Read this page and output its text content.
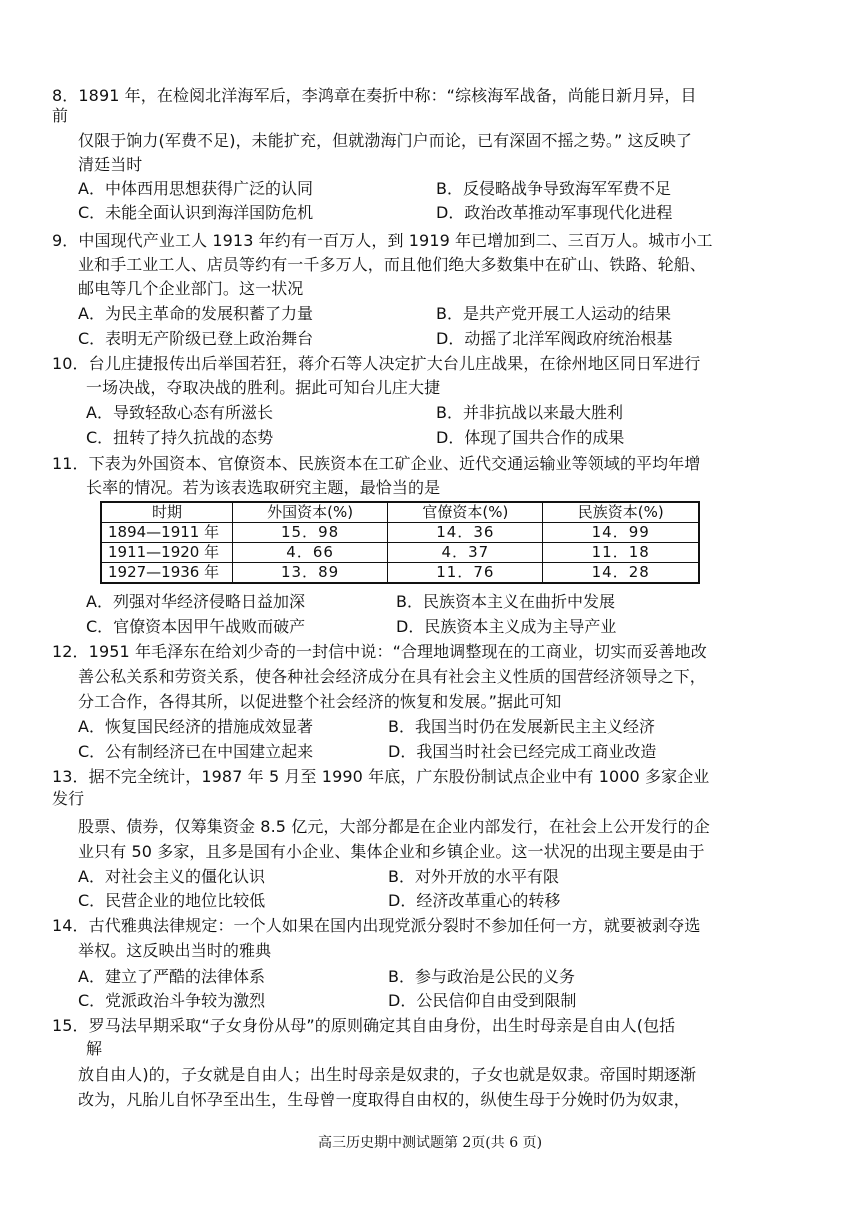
8．1891 年，在检阅北洋海军后，李鸿章在奏折中称：“综核海军战备，尚能日新月异，目
前
仅限于饷力(军费不足)，未能扩充，但就渤海门户而论，已有深固不摇之势。” 这反映了
清廷当时
A．中体西用思想获得广泛的认同	B．反侵略战争导致海军军费不足
C．未能全面认识到海洋国防危机	D．政治改革推动军事现代化进程
9．中国现代产业工人 1913 年约有一百万人，到 1919 年已增加到二、三百万人。城市小工
业和手工业工人、店员等约有一千多万人，而且他们绝大多数集中在矿山、铁路、轮船、
邮电等几个企业部门。这一状况
A．为民主革命的发展积蓄了力量	B．是共产党开展工人运动的结果
C．表明无产阶级已登上政治舞台	D．动摇了北洋军阀政府统治根基
10．台儿庄捷报传出后举国若狂，蒋介石等人决定扩大台儿庄战果，在徐州地区同日军进行
一场决战，夺取决战的胜利。据此可知台儿庄大捷
A．导致轻敌心态有所滋长	B．并非抗战以来最大胜利
C．扭转了持久抗战的态势	D．体现了国共合作的成果
11．下表为外国资本、官僚资本、民族资本在工矿企业、近代交通运输业等领域的平均年增
长率的情况。若为该表选取研究主题，最恰当的是
时期	外国资本(%)	官僚资本(%)	民族资本(%)
1894—1911 年	15．98	14．36	14．99
1911—1920 年	4．66	4．37	11．18
1927—1936 年	13．89	11．76	14．28
A．列强对华经济侵略日益加深	B．民族资本主义在曲折中发展
C．官僚资本因甲午战败而破产	D．民族资本主义成为主导产业
12．1951 年毛泽东在给刘少奇的一封信中说：“合理地调整现在的工商业，切实而妥善地改
善公私关系和劳资关系，使各种社会经济成分在具有社会主义性质的国营经济领导之下，
分工合作，各得其所，以促进整个社会经济的恢复和发展。”据此可知
A．恢复国民经济的措施成效显著	B．我国当时仍在发展新民主主义经济
C．公有制经济已在中国建立起来	D．我国当时社会已经完成工商业改造
13．据不完全统计，1987 年 5 月至 1990 年底，广东股份制试点企业中有 1000 多家企业
发行
股票、债券，仅筹集资金 8.5 亿元，大部分都是在企业内部发行，在社会上公开发行的企
业只有 50 多家，且多是国有小企业、集体企业和乡镇企业。这一状况的出现主要是由于
A．对社会主义的僵化认识	B．对外开放的水平有限
C．民营企业的地位比较低	D．经济改革重心的转移
14．古代雅典法律规定：一个人如果在国内出现党派分裂时不参加任何一方，就要被剥夺选
举权。这反映出当时的雅典
A．建立了严酷的法律体系	B．参与政治是公民的义务
C．党派政治斗争较为激烈	D．公民信仰自由受到限制
15．罗马法早期采取“子女身份从母”的原则确定其自由身份，出生时母亲是自由人(包括
解
放自由人)的，子女就是自由人；出生时母亲是奴隶的，子女也就是奴隶。帝国时期逐渐
改为，凡胎儿自怀孕至出生，生母曾一度取得自由权的，纵使生母于分娩时仍为奴隶，
高三历史期中测试题第 2页(共 6 页)
